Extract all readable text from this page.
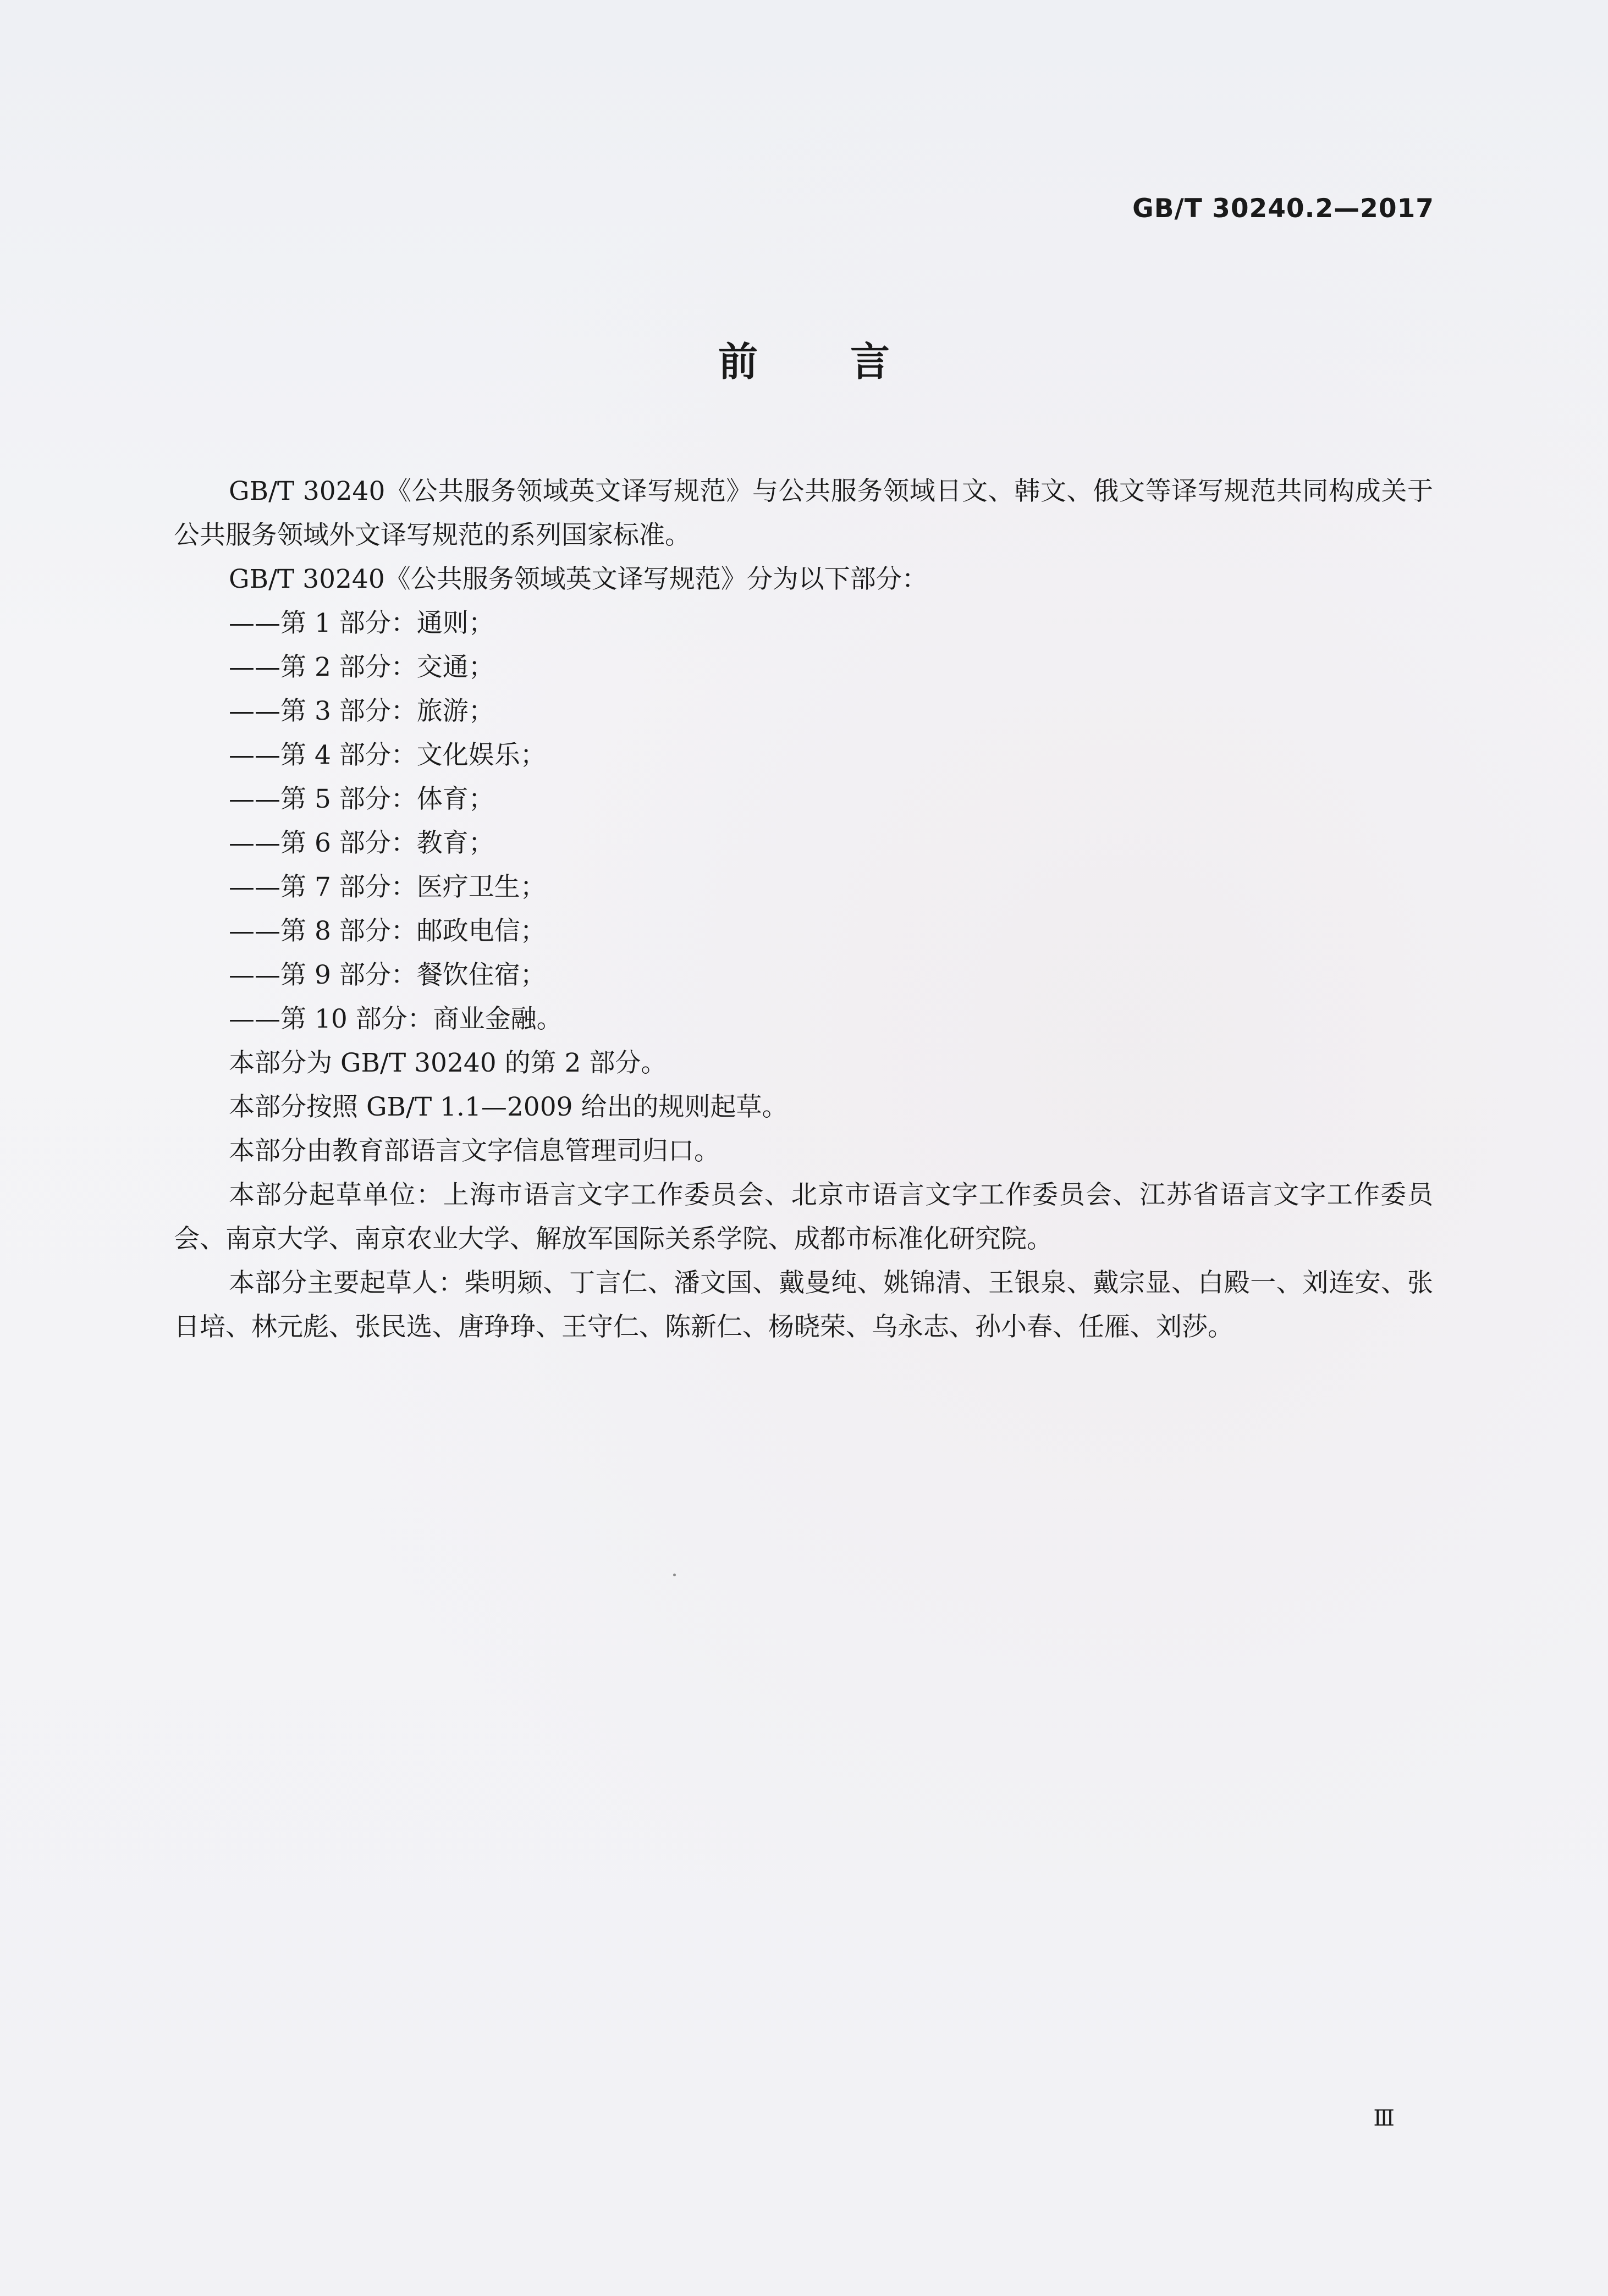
GB/T 30240.2—2017
前言

GB/T 30240《公共服务领域英文译写规范》与公共服务领域日文、韩文、俄文等译写规范共同构成关于公共服务领域外文译写规范的系列国家标准。

GB/T 30240《公共服务领域英文译写规范》分为以下部分：

——第 1 部分：通则；
——第 2 部分：交通；
——第 3 部分：旅游；
——第 4 部分：文化娱乐；
——第 5 部分：体育；
——第 6 部分：教育；
——第 7 部分：医疗卫生；
——第 8 部分：邮政电信；
——第 9 部分：餐饮住宿；
——第 10 部分：商业金融。

本部分为 GB/T 30240 的第 2 部分。

本部分按照 GB/T 1.1—2009 给出的规则起草。

本部分由教育部语言文字信息管理司归口。

本部分起草单位：上海市语言文字工作委员会、北京市语言文字工作委员会、江苏省语言文字工作委员会、南京大学、南京农业大学、解放军国际关系学院、成都市标准化研究院。

本部分主要起草人：柴明颎、丁言仁、潘文国、戴曼纯、姚锦清、王银泉、戴宗显、白殿一、刘连安、张日培、林元彪、张民选、唐琤琤、王守仁、陈新仁、杨晓荣、乌永志、孙小春、任雁、刘莎。

Ⅲ
